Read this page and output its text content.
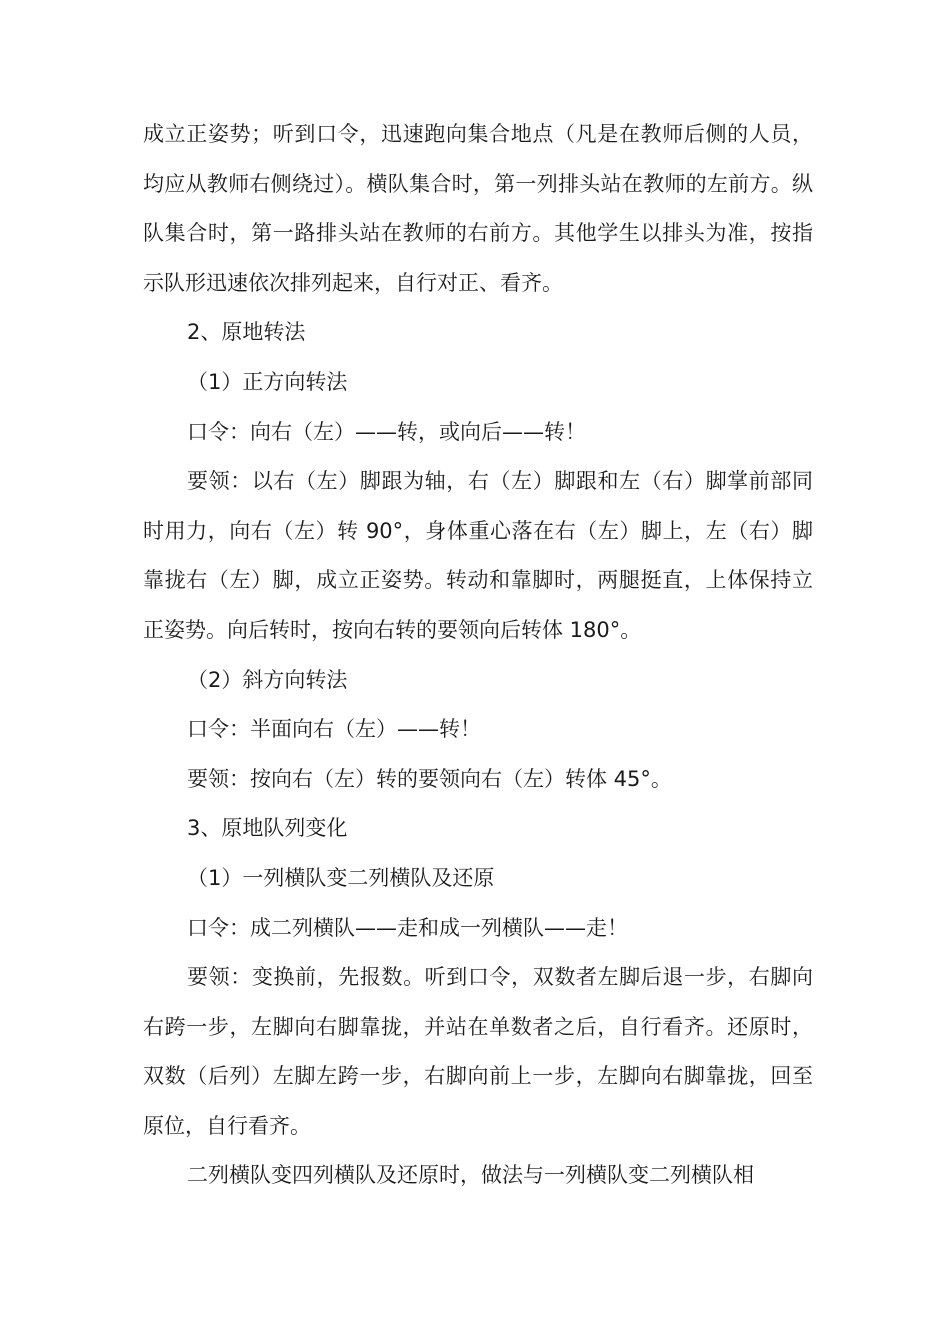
成立正姿势；听到口令，迅速跑向集合地点（凡是在教师后侧的人员，均应从教师右侧绕过）。横队集合时，第一列排头站在教师的左前方。纵队集合时，第一路排头站在教师的右前方。其他学生以排头为准，按指示队形迅速依次排列起来，自行对正、看齐。

2、原地转法

（1）正方向转法

口令：向右（左）——转，或向后——转！

要领：以右（左）脚跟为轴，右（左）脚跟和左（右）脚掌前部同时用力，向右（左）转 90°，身体重心落在右（左）脚上，左（右）脚靠拢右（左）脚，成立正姿势。转动和靠脚时，两腿挺直，上体保持立正姿势。向后转时，按向右转的要领向后转体 180°。

（2）斜方向转法

口令：半面向右（左）——转！

要领：按向右（左）转的要领向右（左）转体 45°。

3、原地队列变化

（1）一列横队变二列横队及还原

口令：成二列横队——走和成一列横队——走！

要领：变换前，先报数。听到口令，双数者左脚后退一步，右脚向右跨一步，左脚向右脚靠拢，并站在单数者之后，自行看齐。还原时，双数（后列）左脚左跨一步，右脚向前上一步，左脚向右脚靠拢，回至原位，自行看齐。

二列横队变四列横队及还原时，做法与一列横队变二列横队相
